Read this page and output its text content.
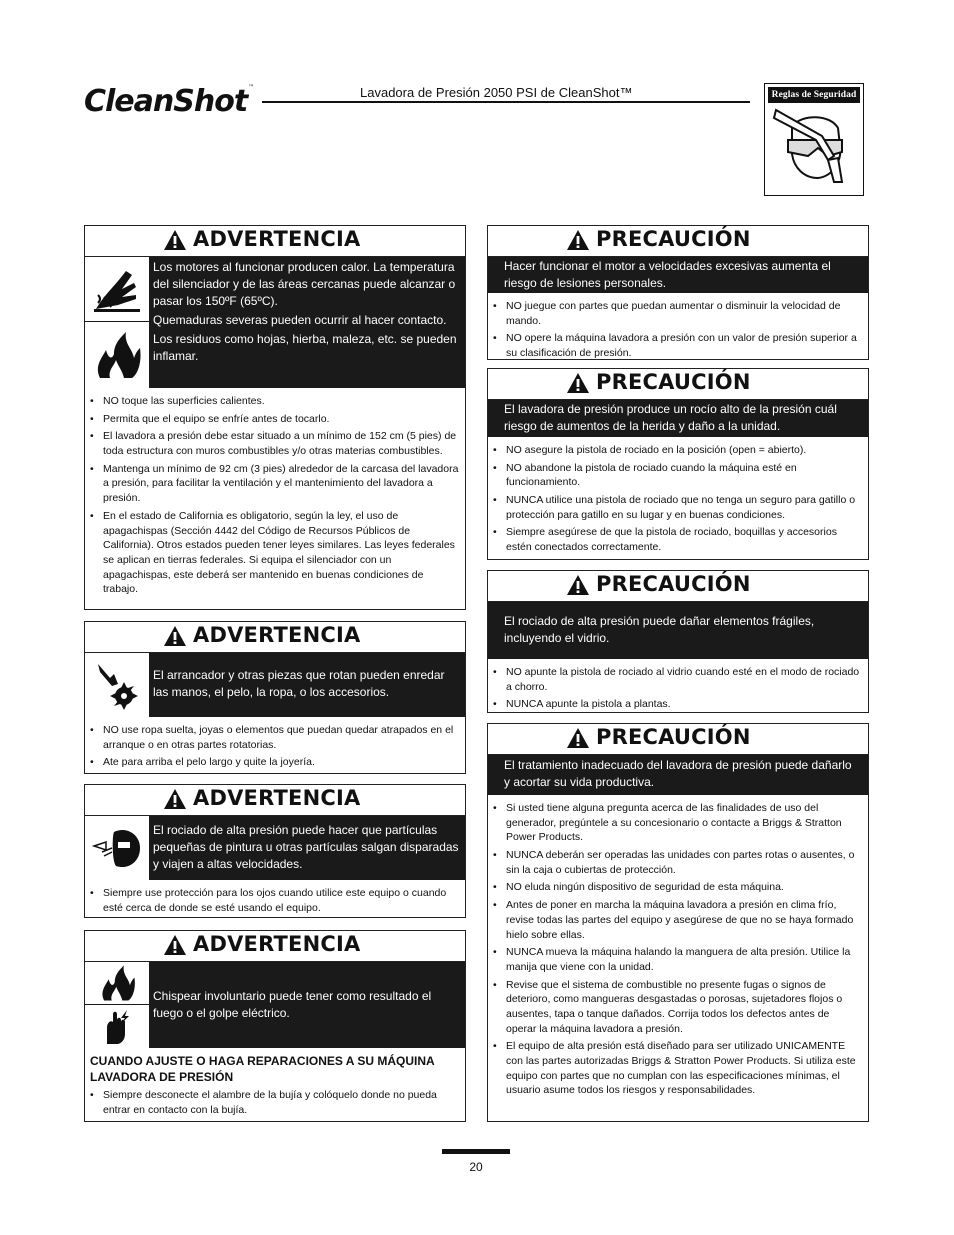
CleanShot™	Lavadora de Presión 2050 PSI de CleanShot™	Reglas de Seguridad
ADVERTENCIA

Los motores al funcionar producen calor. La temperatura del silenciador y de las áreas cercanas puede alcanzar o pasar los 150ºF (65ºC).

Quemaduras severas pueden ocurrir al hacer contacto.

Los residuos como hojas, hierba, maleza, etc. se pueden inflamar.

• NO toque las superficies calientes.
• Permita que el equipo se enfríe antes de tocarlo.
• El lavadora a presión debe estar situado a un mínimo de 152 cm (5 pies) de toda estructura con muros combustibles y/o otras materias combustibles.
• Mantenga un mínimo de 92 cm (3 pies) alrededor de la carcasa del lavadora a presión, para facilitar la ventilación y el mantenimiento del lavadora a presión.
• En el estado de California es obligatorio, según la ley, el uso de apagachispas (Sección 4442 del Código de Recursos Públicos de California). Otros estados pueden tener leyes similares. Las leyes federales se aplican en tierras federales. Si equipa el silenciador con un apagachispas, este deberá ser mantenido en buenas condiciones de trabajo.
ADVERTENCIA

El arrancador y otras piezas que rotan pueden enredar las manos, el pelo, la ropa, o los accesorios.

• NO use ropa suelta, joyas o elementos que puedan quedar atrapados en el arranque o en otras partes rotatorias.
• Ate para arriba el pelo largo y quite la joyería.
ADVERTENCIA

El rociado de alta presión puede hacer que partículas pequeñas de pintura u otras partículas salgan disparadas y viajen a altas velocidades.

• Siempre use protección para los ojos cuando utilice este equipo o cuando esté cerca de donde se esté usando el equipo.
ADVERTENCIA

Chispear involuntario puede tener como resultado el fuego o el golpe eléctrico.

CUANDO AJUSTE O HAGA REPARACIONES A SU MÁQUINA LAVADORA DE PRESIÓN
• Siempre desconecte el alambre de la bujía y colóquelo donde no pueda entrar en contacto con la bujía.
PRECAUCIÓN
Hacer funcionar el motor a velocidades excesivas aumenta el riesgo de lesiones personales.
• NO juegue con partes que puedan aumentar o disminuir la velocidad de mando.
• NO opere la máquina lavadora a presión con un valor de presión superior a su clasificación de presión.
PRECAUCIÓN
El lavadora de presión produce un rocío alto de la presión cuál riesgo de aumentos de la herida y daño a la unidad.
• NO asegure la pistola de rociado en la posición (open = abierto).
• NO abandone la pistola de rociado cuando la máquina esté en funcionamiento.
• NUNCA utilice una pistola de rociado que no tenga un seguro para gatillo o protección para gatillo en su lugar y en buenas condiciones.
• Siempre asegúrese de que la pistola de rociado, boquillas y accesorios estén conectados correctamente.
PRECAUCIÓN
El rociado de alta presión puede dañar elementos frágiles, incluyendo el vidrio.
• NO apunte la pistola de rociado al vidrio cuando esté en el modo de rociado a chorro.
• NUNCA apunte la pistola a plantas.
PRECAUCIÓN
El tratamiento inadecuado del lavadora de presión puede dañarlo y acortar su vida productiva.
• Si usted tiene alguna pregunta acerca de las finalidades de uso del generador, pregúntele a su concesionario o contacte a Briggs & Stratton Power Products.
• NUNCA deberán ser operadas las unidades con partes rotas o ausentes, o sin la caja o cubiertas de protección.
• NO eluda ningún dispositivo de seguridad de esta máquina.
• Antes de poner en marcha la máquina lavadora a presión en clima frío, revise todas las partes del equipo y asegúrese de que no se haya formado hielo sobre ellas.
• NUNCA mueva la máquina halando la manguera de alta presión. Utilice la manija que viene con la unidad.
• Revise que el sistema de combustible no presente fugas o signos de deterioro, como mangueras desgastadas o porosas, sujetadores flojos o ausentes, tapa o tanque dañados. Corrija todos los defectos antes de operar la máquina lavadora a presión.
• El equipo de alta presión está diseñado para ser utilizado UNICAMENTE con las partes autorizadas Briggs & Stratton Power Products. Si utiliza este equipo con partes que no cumplan con las especificaciones mínimas, el usuario asume todos los riesgos y responsabilidades.
20
